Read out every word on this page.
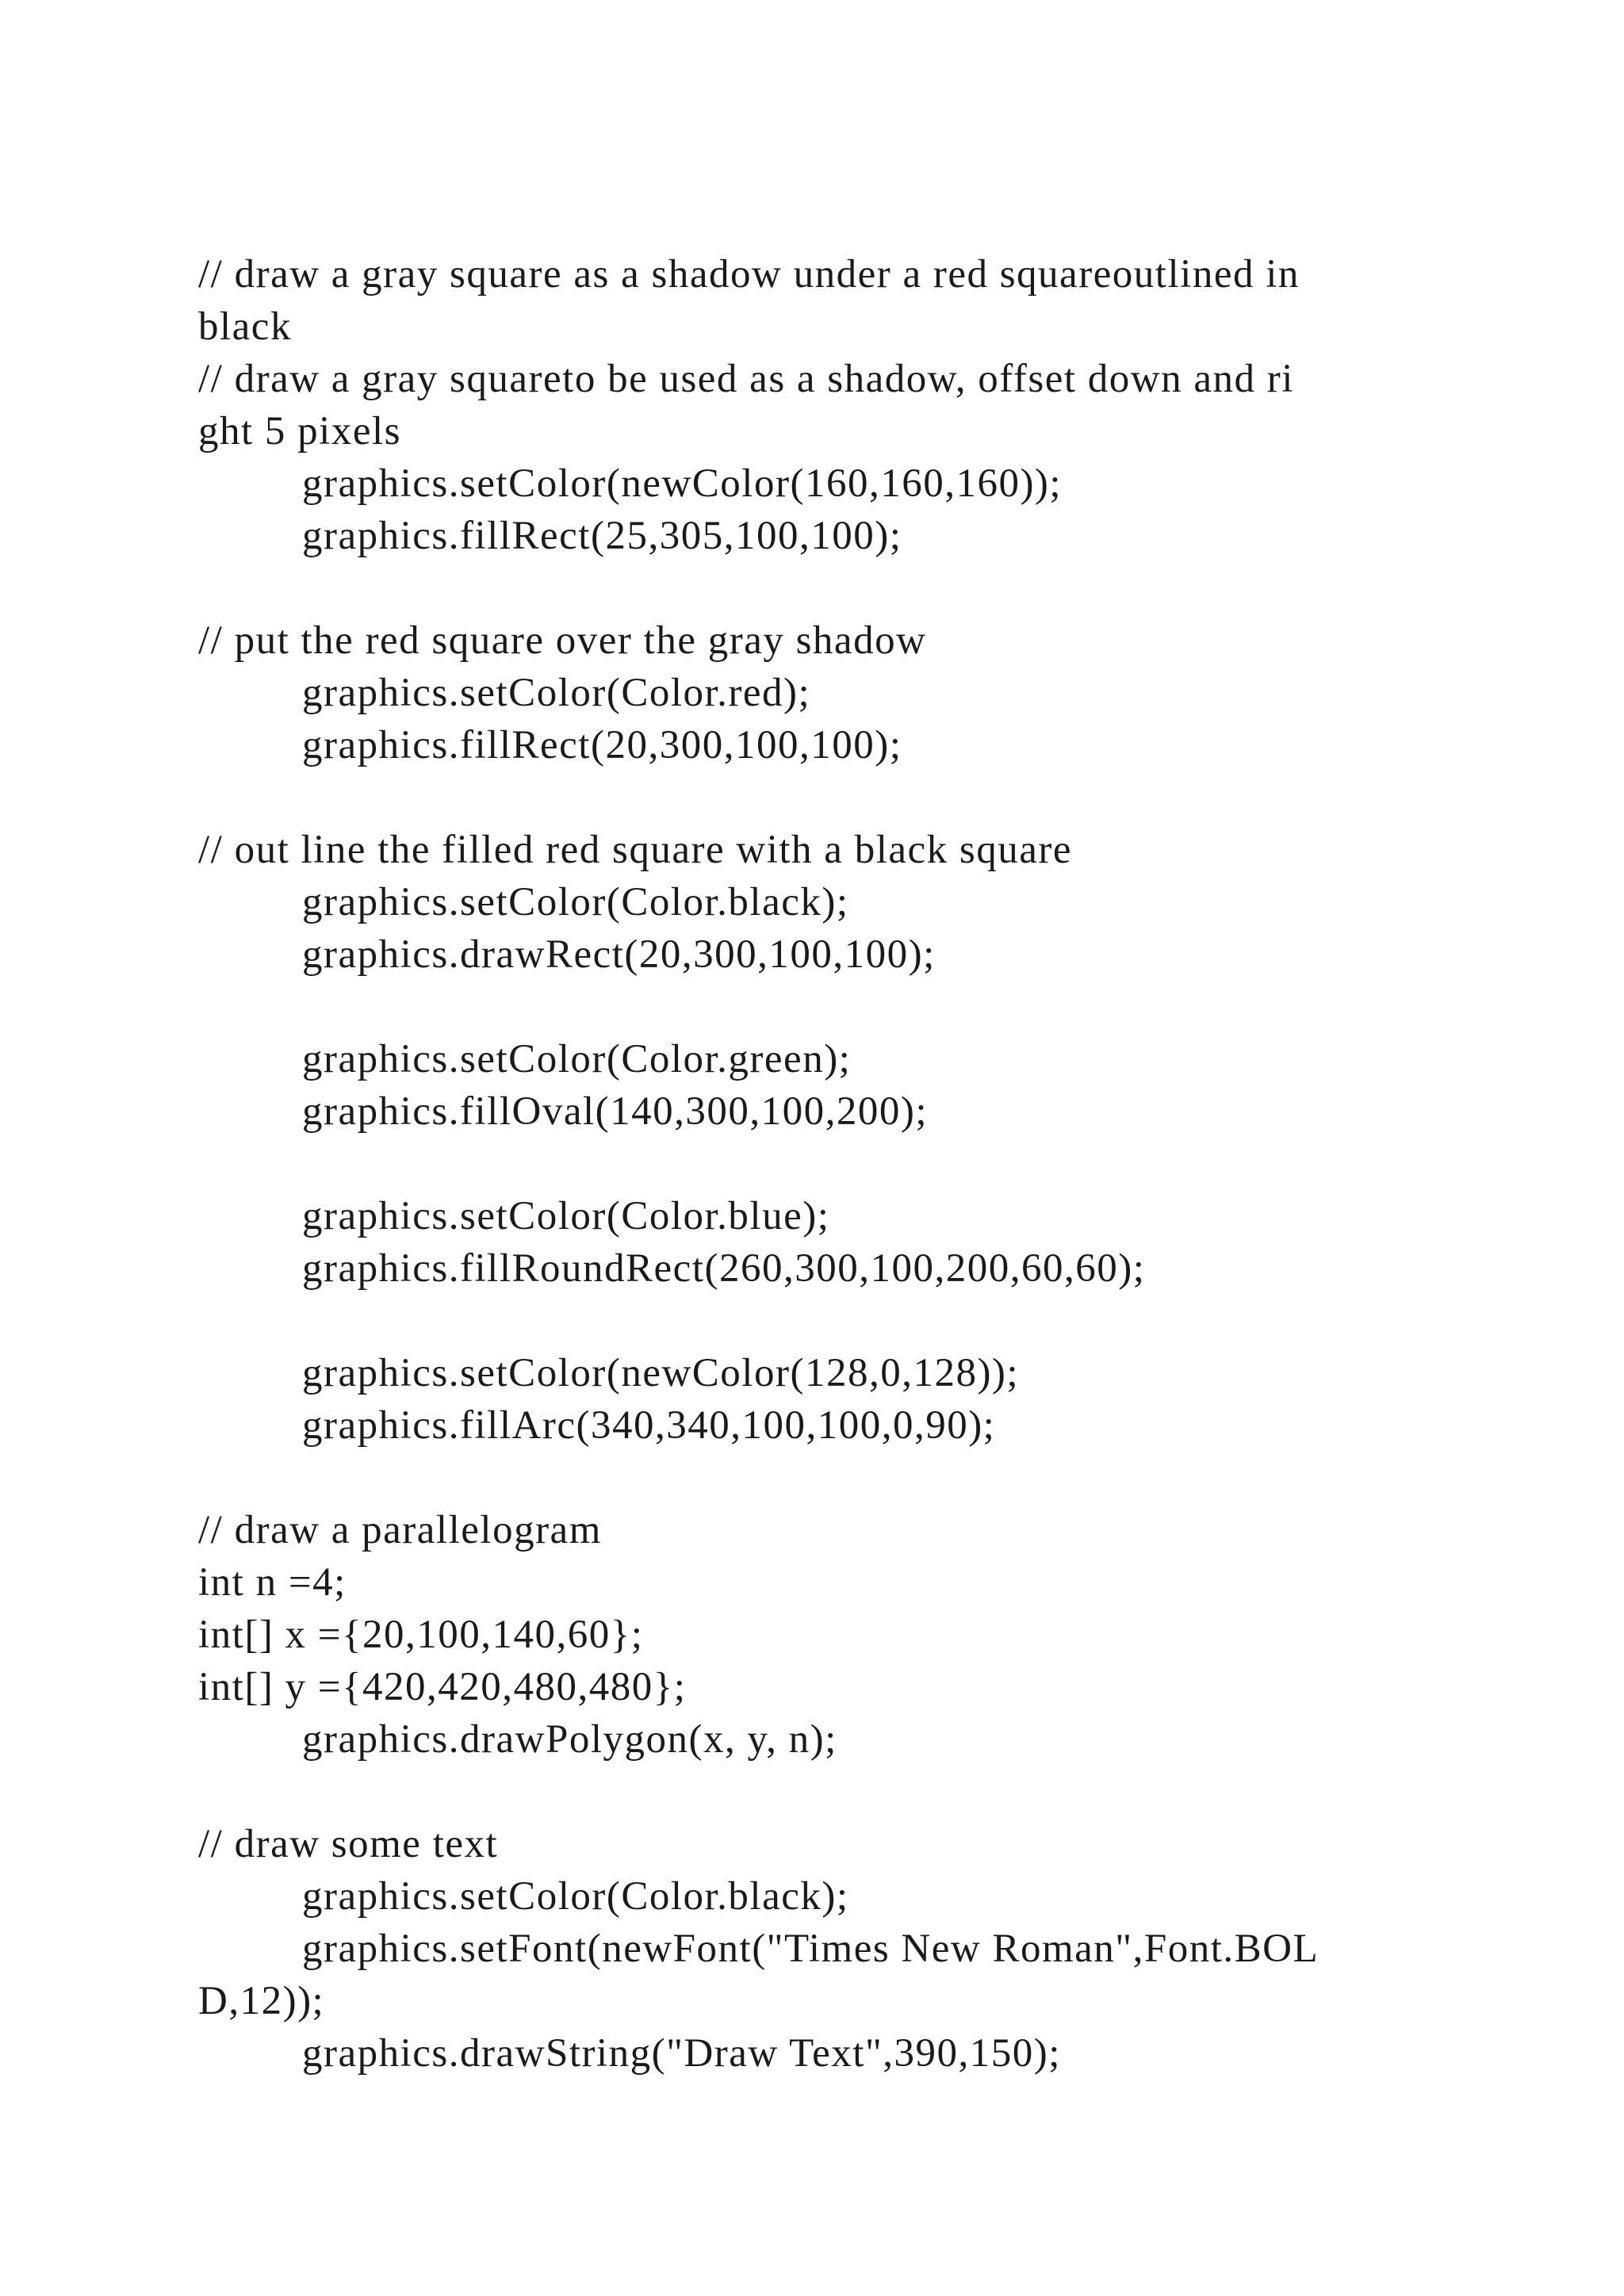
// draw a gray square as a shadow under a red squareoutlined in
black
// draw a gray squareto be used as a shadow, offset down and ri
ght 5 pixels
graphics.setColor(newColor(160,160,160));
graphics.fillRect(25,305,100,100);
// put the red square over the gray shadow
graphics.setColor(Color.red);
graphics.fillRect(20,300,100,100);
// out line the filled red square with a black square
graphics.setColor(Color.black);
graphics.drawRect(20,300,100,100);
graphics.setColor(Color.green);
graphics.fillOval(140,300,100,200);
graphics.setColor(Color.blue);
graphics.fillRoundRect(260,300,100,200,60,60);
graphics.setColor(newColor(128,0,128));
graphics.fillArc(340,340,100,100,0,90);
// draw a parallelogram
int n =4;
int[] x ={20,100,140,60};
int[] y ={420,420,480,480};
graphics.drawPolygon(x, y, n);
// draw some text
graphics.setColor(Color.black);
graphics.setFont(newFont("Times New Roman",Font.BOL
D,12));
graphics.drawString("Draw Text",390,150);
